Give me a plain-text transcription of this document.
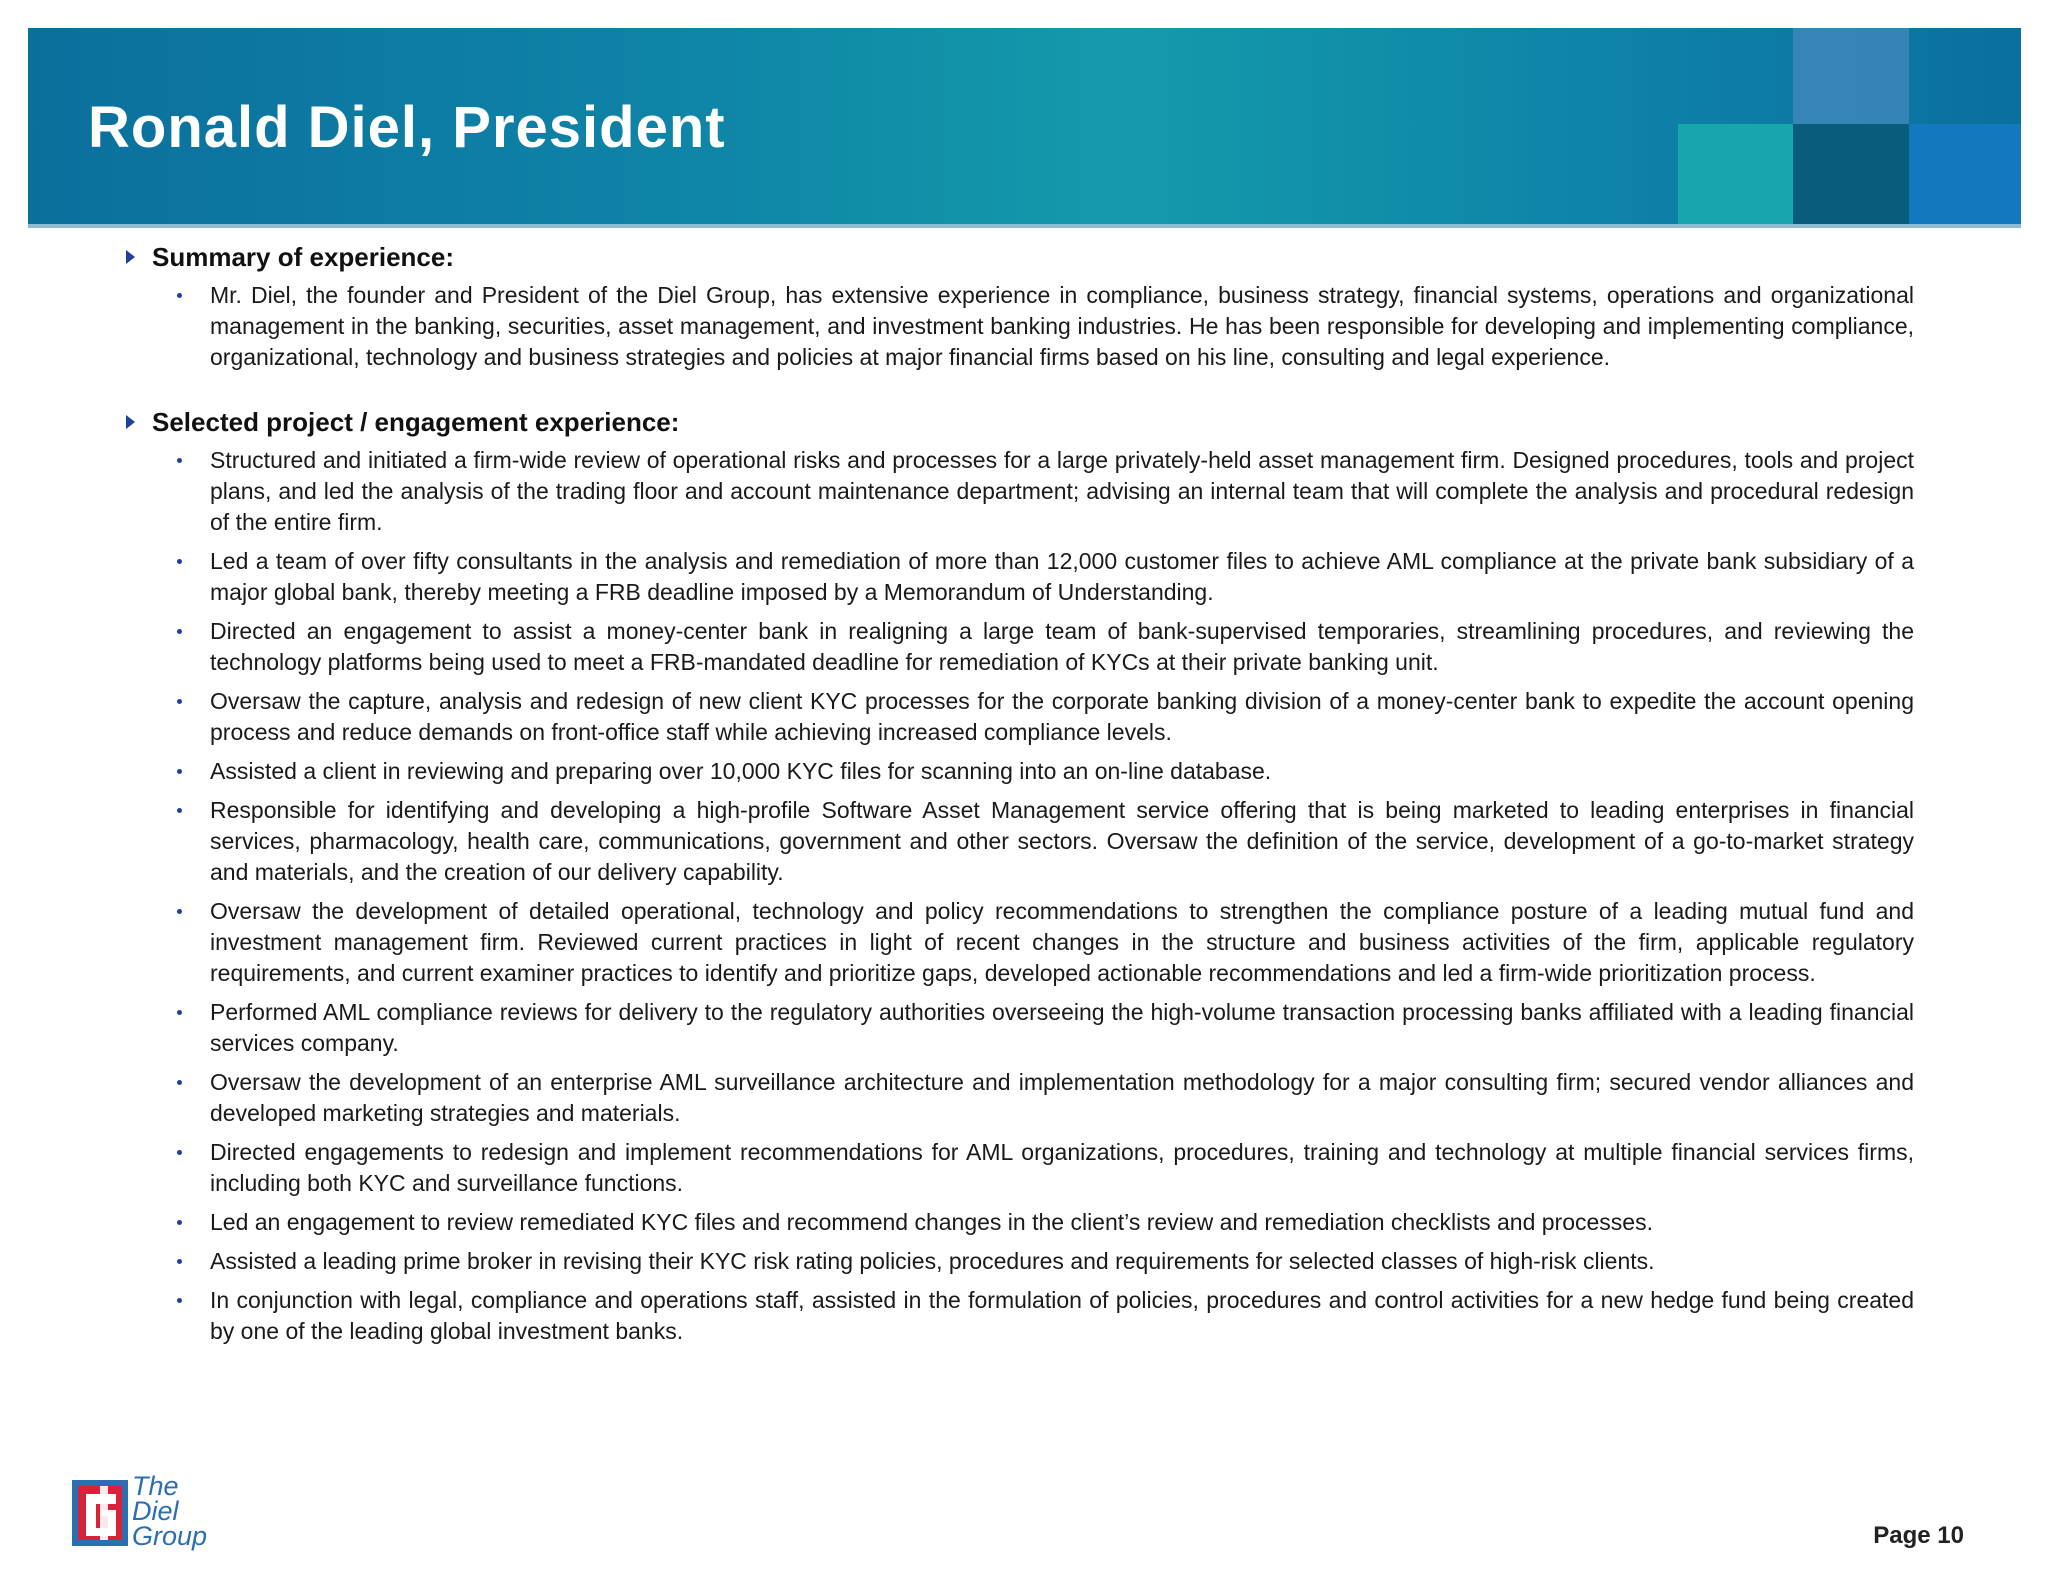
Ronald Diel, President
Summary of experience:
Mr. Diel, the founder and President of the Diel Group, has extensive experience in compliance, business strategy, financial systems, operations and organizational management in the banking, securities, asset management, and investment banking industries. He has been responsible for developing and implementing compliance, organizational, technology and business strategies and policies at major financial firms based on his line, consulting and legal experience.
Selected project / engagement experience:
Structured and initiated a firm-wide review of operational risks and processes for a large privately-held asset management firm. Designed procedures, tools and project plans, and led the analysis of the trading floor and account maintenance department; advising an internal team that will complete the analysis and procedural redesign of the entire firm.
Led a team of over fifty consultants in the analysis and remediation of more than 12,000 customer files to achieve AML compliance at the private bank subsidiary of a major global bank, thereby meeting a FRB deadline imposed by a Memorandum of Understanding.
Directed an engagement to assist a money-center bank in realigning a large team of bank-supervised temporaries, streamlining procedures, and reviewing the technology platforms being used to meet a FRB-mandated deadline for remediation of KYCs at their private banking unit.
Oversaw the capture, analysis and redesign of new client KYC processes for the corporate banking division of a money-center bank to expedite the account opening process and reduce demands on front-office staff while achieving increased compliance levels.
Assisted a client in reviewing and preparing over 10,000 KYC files for scanning into an on-line database.
Responsible for identifying and developing a high-profile Software Asset Management service offering that is being marketed to leading enterprises in financial services, pharmacology, health care, communications, government and other sectors. Oversaw the definition of the service, development of a go-to-market strategy and materials, and the creation of our delivery capability.
Oversaw the development of detailed operational, technology and policy recommendations to strengthen the compliance posture of a leading mutual fund and investment management firm. Reviewed current practices in light of recent changes in the structure and business activities of the firm, applicable regulatory requirements, and current examiner practices to identify and prioritize gaps, developed actionable recommendations and led a firm-wide prioritization process.
Performed AML compliance reviews for delivery to the regulatory authorities overseeing the high-volume transaction processing banks affiliated with a leading financial services company.
Oversaw the development of an enterprise AML surveillance architecture and implementation methodology for a major consulting firm; secured vendor alliances and developed marketing strategies and materials.
Directed engagements to redesign and implement recommendations for AML organizations, procedures, training and technology at multiple financial services firms, including both KYC and surveillance functions.
Led an engagement to review remediated KYC files and recommend changes in the client’s review and remediation checklists and processes.
Assisted a leading prime broker in revising their KYC risk rating policies, procedures and requirements for selected classes of high-risk clients.
In conjunction with legal, compliance and operations staff, assisted in the formulation of policies, procedures and control activities for a new hedge fund being created by one of the leading global investment banks.
The
Diel
Group	Page 10
